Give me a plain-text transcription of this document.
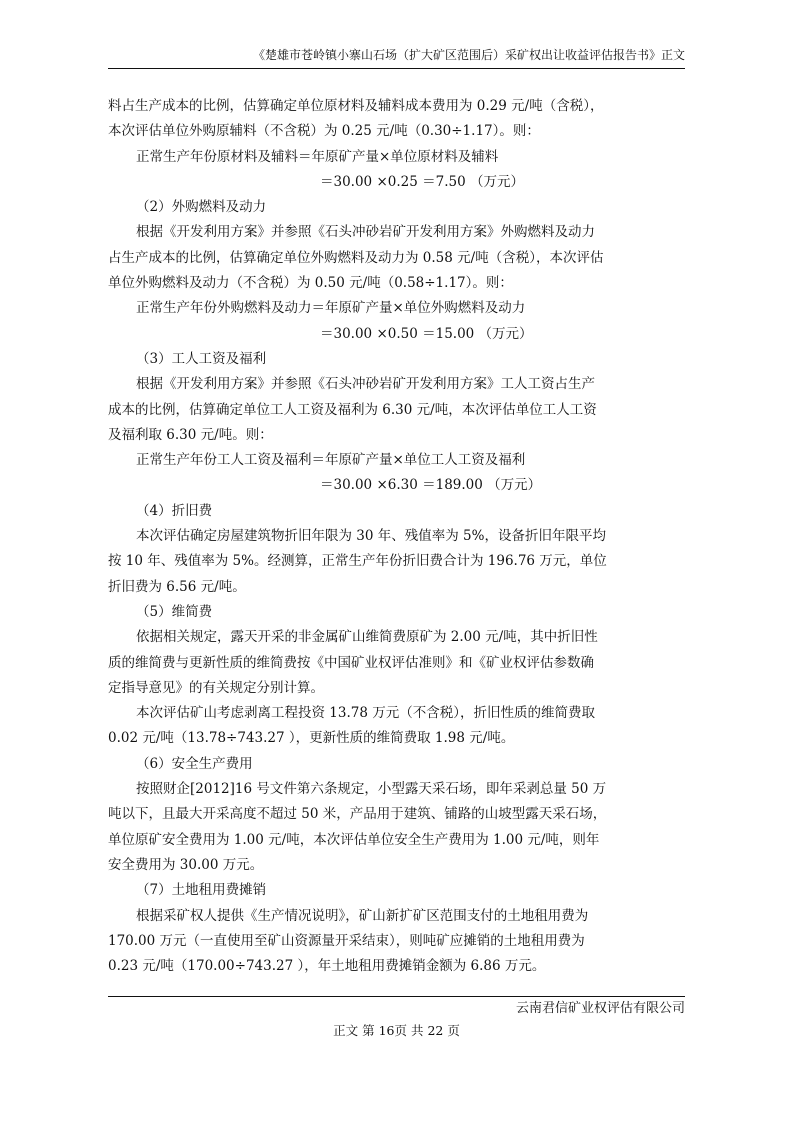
《楚雄市苍岭镇小寨山石场（扩大矿区范围后）采矿权出让收益评估报告书》正文
料占生产成本的比例，估算确定单位原材料及辅料成本费用为 0.29 元/吨（含税），
本次评估单位外购原辅料（不含税）为 0.25 元/吨（0.30÷1.17）。则：
正常生产年份原材料及辅料＝年原矿产量×单位原材料及辅料
＝30.00 ×0.25 ＝7.50 （万元）
（2）外购燃料及动力
根据《开发利用方案》并参照《石头冲砂岩矿开发利用方案》外购燃料及动力
占生产成本的比例，估算确定单位外购燃料及动力为 0.58 元/吨（含税），本次评估
单位外购燃料及动力（不含税）为 0.50 元/吨（0.58÷1.17）。则：
正常生产年份外购燃料及动力＝年原矿产量×单位外购燃料及动力
＝30.00 ×0.50 ＝15.00 （万元）
（3）工人工资及福利
根据《开发利用方案》并参照《石头冲砂岩矿开发利用方案》工人工资占生产
成本的比例，估算确定单位工人工资及福利为 6.30 元/吨，本次评估单位工人工资
及福利取 6.30 元/吨。则：
正常生产年份工人工资及福利＝年原矿产量×单位工人工资及福利
＝30.00 ×6.30 ＝189.00 （万元）
（4）折旧费
本次评估确定房屋建筑物折旧年限为 30 年、残值率为 5%，设备折旧年限平均
按 10 年、残值率为 5%。经测算，正常生产年份折旧费合计为 196.76 万元，单位
折旧费为 6.56 元/吨。
（5）维简费
依据相关规定，露天开采的非金属矿山维简费原矿为 2.00 元/吨，其中折旧性
质的维简费与更新性质的维简费按《中国矿业权评估准则》和《矿业权评估参数确
定指导意见》的有关规定分别计算。
本次评估矿山考虑剥离工程投资 13.78 万元（不含税），折旧性质的维简费取
0.02 元/吨（13.78÷743.27 ），更新性质的维简费取 1.98 元/吨。
（6）安全生产费用
按照财企[2012]16 号文件第六条规定，小型露天采石场，即年采剥总量 50 万
吨以下，且最大开采高度不超过 50 米，产品用于建筑、铺路的山坡型露天采石场，
单位原矿安全费用为 1.00 元/吨，本次评估单位安全生产费用为 1.00 元/吨，则年
安全费用为 30.00 万元。
（7）土地租用费摊销
根据采矿权人提供《生产情况说明》，矿山新扩矿区范围支付的土地租用费为
170.00 万元（一直使用至矿山资源量开采结束），则吨矿应摊销的土地租用费为
0.23 元/吨（170.00÷743.27 ），年土地租用费摊销金额为 6.86 万元。
云南君信矿业权评估有限公司
正文 第 16页 共 22 页
